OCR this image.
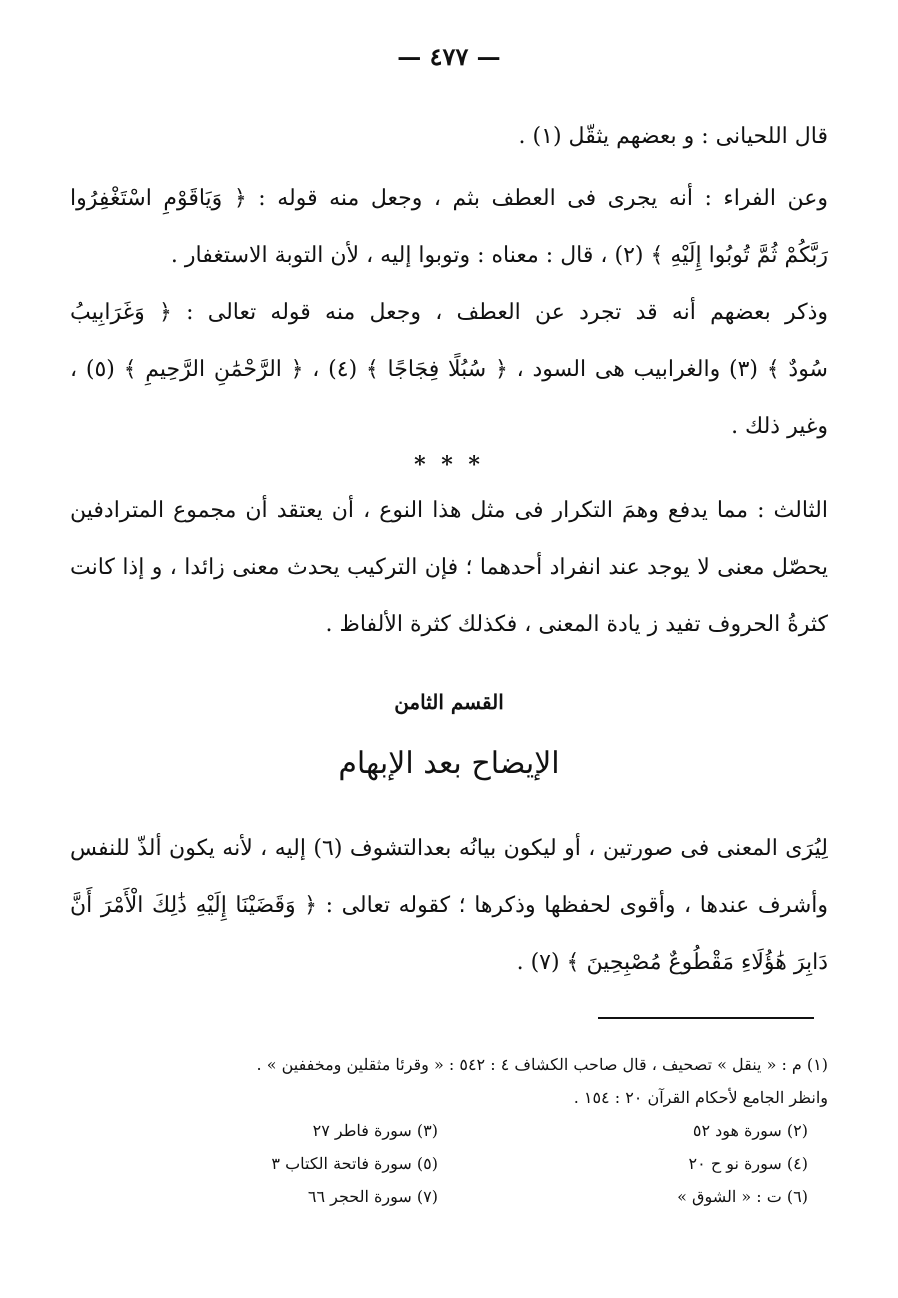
— ٤٧٧ —
قال اللحيانى : و بعضهم يثقّل (١) .
وعن الفراء : أنه يجرى فى العطف بثم ، وجعل منه قوله : ﴿ وَيَاقَوْمِ اسْتَغْفِرُوا
رَبَّكُمْ ثُمَّ تُوبُوا إِلَيْهِ ﴾ (٢) ، قال : معناه : وتوبوا إليه ، لأن التوبة الاستغفار .
وذكر بعضهم أنه قد تجرد عن العطف ، وجعل منه قوله تعالى : ﴿ وَغَرَابِيبُ
سُودٌ ﴾ (٣) والغرابيب هى السود ، ﴿ سُبُلًا فِجَاجًا ﴾ (٤) ، ﴿ الرَّحْمَٰنِ الرَّحِيمِ ﴾ (٥) ،
وغير ذلك .
* * *
الثالث : مما يدفع وهمَ التكرار فى مثل هذا النوع ، أن يعتقد أن مجموع المترادفين
يحصّل معنى لا يوجد عند انفراد أحدهما ؛ فإن التركيب يحدث معنى زائدا ، و إذا كانت
كثرةُ الحروف تفيد ز يادة المعنى ، فكذلك كثرة الألفاظ .
القسم الثامن
الإيضاح بعد الإبهام
لِيُرَى المعنى فى صورتين ، أو ليكون بيانُه بعدالتشوف (٦) إليه ، لأنه يكون ألذّ للنفس
وأشرف عندها ، وأقوى لحفظها وذكرها ؛ كقوله تعالى : ﴿ وَقَضَيْنَا إِلَيْهِ ذَٰلِكَ الْأَمْرَ أَنَّ
دَابِرَ هَٰؤُلَاءِ مَقْطُوعٌ مُصْبِحِينَ ﴾ (٧) .
(١) م : « ينقل » تصحيف ، قال صاحب الكشاف ٤ : ٥٤٢ : « وقرئا مثقلين ومخففين » .
وانظر الجامع لأحكام القرآن ٢٠ : ١٥٤ .
(٢) سورة هود ٥٢
(٣) سورة فاطر ٢٧
(٤) سورة نو ح ٢٠
(٥) سورة فاتحة الكتاب ٣
(٦) ت : « الشوق »
(٧) سورة الحجر ٦٦
